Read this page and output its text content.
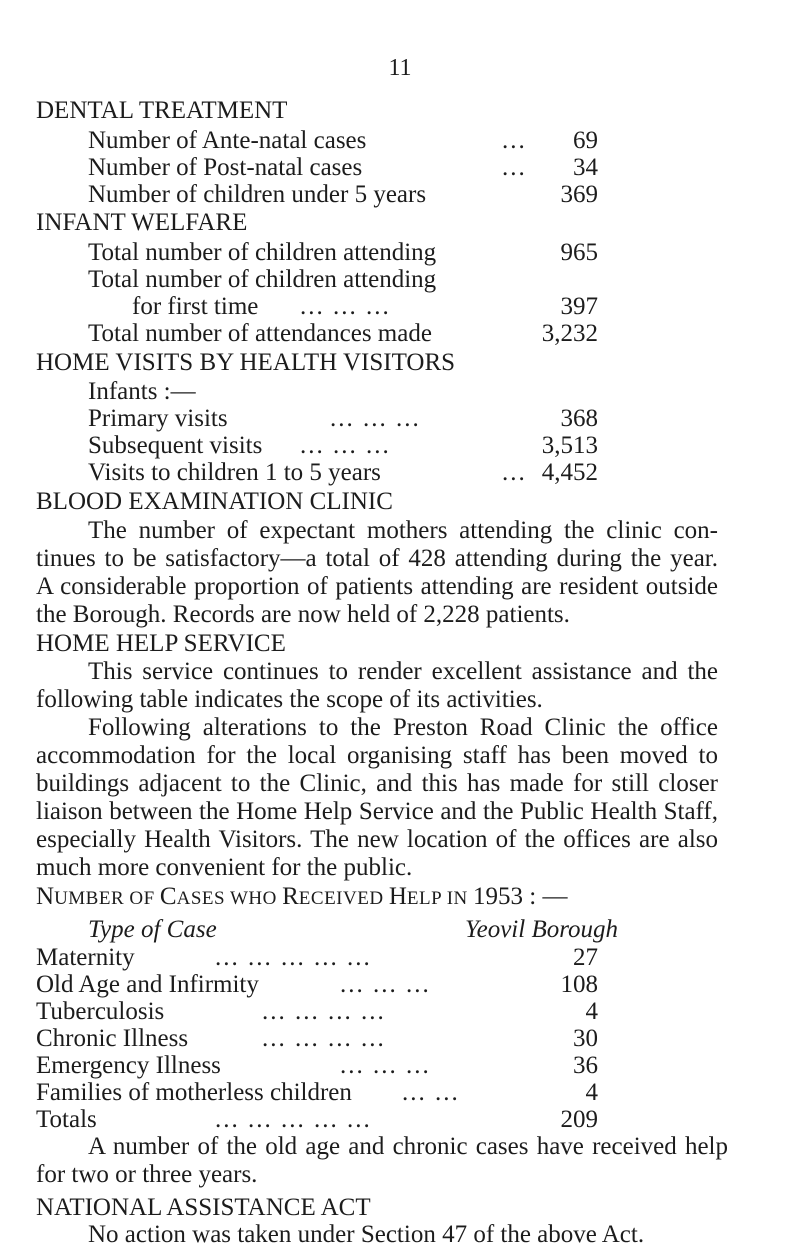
11
DENTAL TREATMENT
Number of Ante-natal cases	... 69
Number of Post-natal cases	... 34
Number of children under 5 years	369
INFANT WELFARE
Total number of children attending	965
Total number of children attending
for first time ... ... ...	397
Total number of attendances made	3,232
HOME VISITS BY HEALTH VISITORS
Infants :—
Primary visits	... ... ...	368
Subsequent visits ... ... ...	3,513
Visits to children 1 to 5 years	... 4,452
BLOOD EXAMINATION CLINIC
The number of expectant mothers attending the clinic con-
tinues to be satisfactory—a total of 428 attending during the year.
A considerable proportion of patients attending are resident outside
the Borough. Records are now held of 2,228 patients.
HOME HELP SERVICE
This service continues to render excellent assistance and the
following table indicates the scope of its activities.
Following alterations to the Preston Road Clinic the office
accommodation for the local organising staff has been moved to
buildings adjacent to the Clinic, and this has made for still closer
liaison between the Home Help Service and the Public Health Staff,
especially Health Visitors. The new location of the offices are also
much more convenient for the public.
NUMBER OF CASES WHO RECEIVED HELP IN 1953 : —
Type of Case	Yeovil Borough
Maternity	... ... ... ... ...	27
Old Age and Infirmity	... ... ...	108
Tuberculosis	... ... ... ...	4
Chronic Illness	... ... ... ...	30
Emergency Illness	... ... ...	36
Families of motherless children ... ...	4
Totals	... ... ... ... ...	209
A number of the old age and chronic cases have received help
for two or three years.
NATIONAL ASSISTANCE ACT
No action was taken under Section 47 of the above Act.
